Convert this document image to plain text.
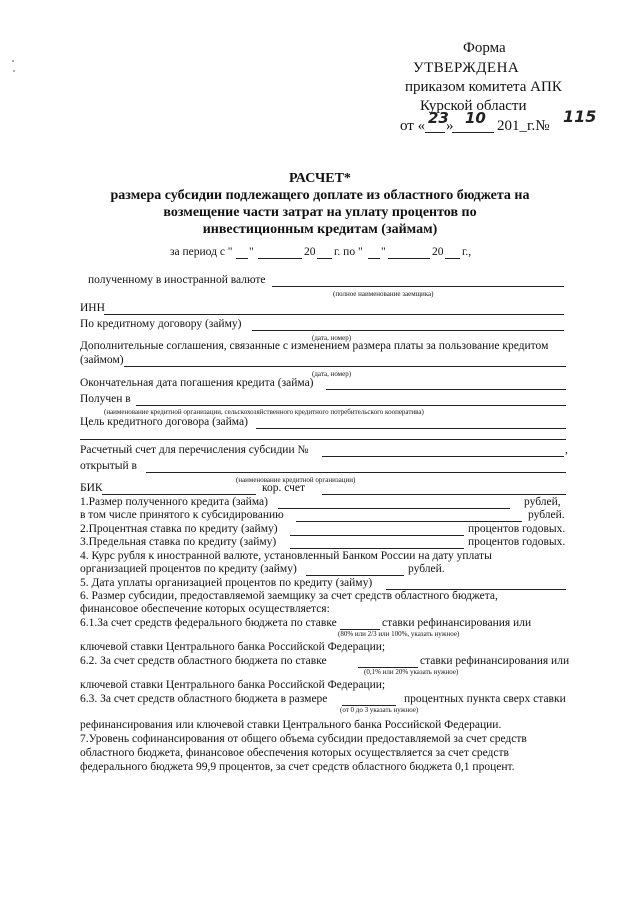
Форма
УТВЕРЖДЕНА
приказом комитета АПК
Курской области
от « 23
» 10 201_г.№ 115
РАСЧЕТ*
размера субсидии подлежащего доплате из областного бюджета на
возмещение части затрат на уплату процентов по
инвестиционным кредитам (займам)
за период с " "	20 г. по " "	20 г.,
полученному в иностранной валюте
(полное наименование заемщика)
ИНН
По кредитному договору (займу)
(дата, номер)
Дополнительные соглашения, связанные с изменением размера платы за пользование кредитом
(займом)
(дата, номер)
Окончательная дата погашения кредита (займа)
Получен в
(наименование кредитной организации, сельскохозяйственного кредитного потребительского кооператива)
Цель кредитного договора (займа)
Расчетный счет для перечисления субсидии №	,
открытый в
(наименование кредитной организации)
БИК	кор. счет
1.Размер полученного кредита (займа)	рублей,
в том числе принятого к субсидированию	рублей.
2.Процентная ставка по кредиту (займу)	процентов годовых.
3.Предельная ставка по кредиту (займу)	процентов годовых.
4. Курс рубля к иностранной валюте, установленный Банком России на дату уплаты
организацией процентов по кредиту (займу)	рублей.
5. Дата уплаты организацией процентов по кредиту (займу)
6. Размер субсидии, предоставляемой заемщику за счет средств областного бюджета,
финансовое обеспечение которых осуществляется:
6.1.За счет средств федерального бюджета по ставке	ставки рефинансирования или
(80% или 2/3 или 100%, указать нужное)
ключевой ставки Центрального банка Российской Федерации;
6.2. За счет средств областного бюджета по ставке	ставки рефинансирования или
(0,1% или 20% указать нужное)
ключевой ставки Центрального банка Российской Федерации;
6.3. За счет средств областного бюджета в размере	процентных пункта сверх ставки
(от 0 до 3 указать нужное)
рефинансирования или ключевой ставки Центрального банка Российской Федерации.
7.Уровень софинансирования от общего объема субсидии предоставляемой за счет средств
областного бюджета, финансовое обеспечения которых осуществляется за счет средств
федерального бюджета 99,9 процентов, за счет средств областного бюджета 0,1 процент.
